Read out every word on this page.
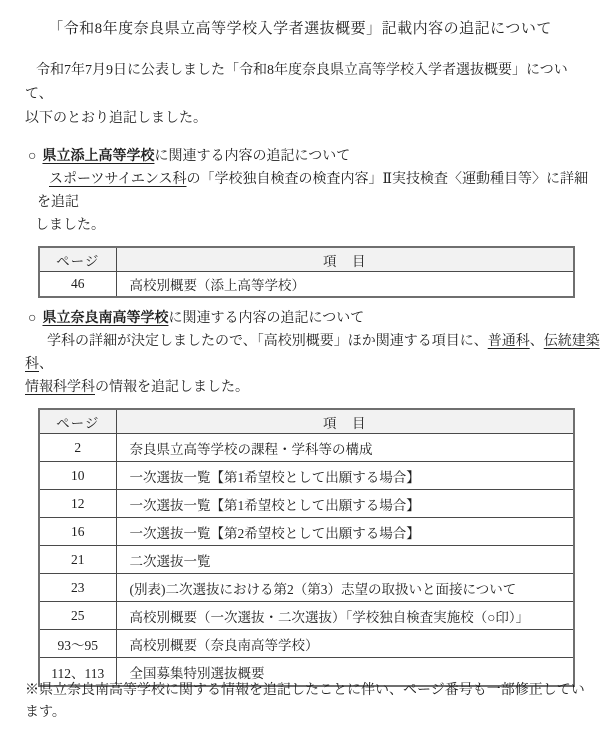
「令和8年度奈良県立高等学校入学者選抜概要」記載内容の追記について
令和7年7月9日に公表しました「令和8年度奈良県立高等学校入学者選抜概要」について、
以下のとおり追記しました。
○ 県立添上高等学校に関連する内容の追記について
スポーツサイエンス科の「学校独自検査の検査内容」Ⅱ実技検査〈運動種目等〉に詳細を追記
しました。
ページ	項　目
46	高校別概要（添上高等学校）
○ 県立奈良南高等学校に関連する内容の追記について
学科の詳細が決定しましたので、「高校別概要」ほか関連する項目に、普通科、伝統建築科、
情報科学科の情報を追記しました。
ページ	項　目
2	奈良県立高等学校の課程・学科等の構成
10	一次選抜一覧【第1希望校として出願する場合】
12	一次選抜一覧【第1希望校として出願する場合】
16	一次選抜一覧【第2希望校として出願する場合】
21	二次選抜一覧
23	(別表)二次選抜における第2（第3）志望の取扱いと面接について
25	高校別概要（一次選抜・二次選抜）「学校独自検査実施校（○印）」
93～95	高校別概要（奈良南高等学校）
112、113	全国募集特別選抜概要
※県立奈良南高等学校に関する情報を追記したことに伴い、ページ番号も一部修正しています。
